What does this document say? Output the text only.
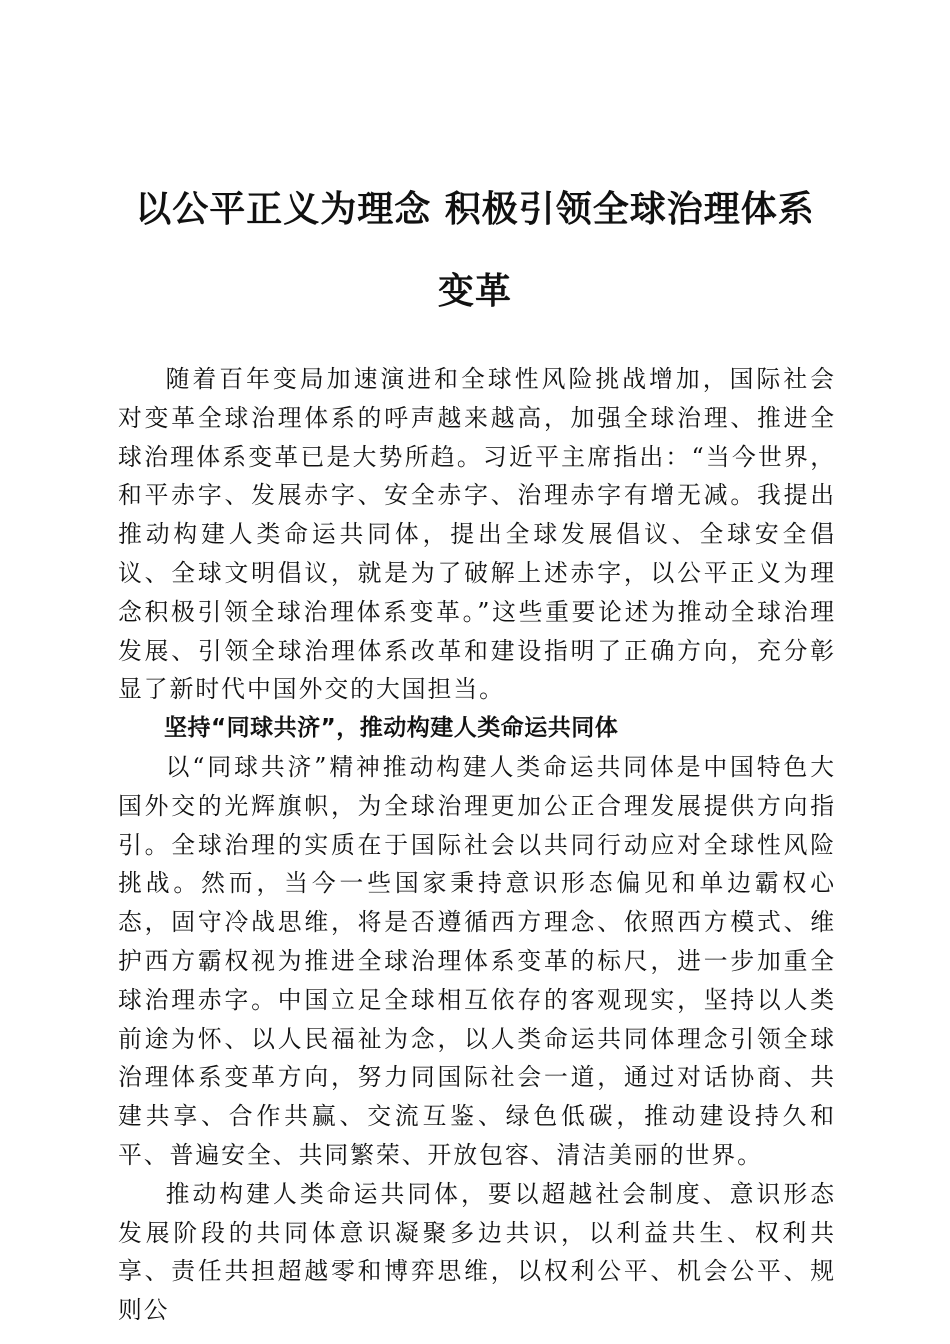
以公平正义为理念 积极引领全球治理体系变革

随着百年变局加速演进和全球性风险挑战增加，国际社会对变革全球治理体系的呼声越来越高，加强全球治理、推进全球治理体系变革已是大势所趋。习近平主席指出：“当今世界，和平赤字、发展赤字、安全赤字、治理赤字有增无减。我提出推动构建人类命运共同体，提出全球发展倡议、全球安全倡议、全球文明倡议，就是为了破解上述赤字，以公平正义为理念积极引领全球治理体系变革。”这些重要论述为推动全球治理发展、引领全球治理体系改革和建设指明了正确方向，充分彰显了新时代中国外交的大国担当。

坚持“同球共济”，推动构建人类命运共同体

以“同球共济”精神推动构建人类命运共同体是中国特色大国外交的光辉旗帜，为全球治理更加公正合理发展提供方向指引。全球治理的实质在于国际社会以共同行动应对全球性风险挑战。然而，当今一些国家秉持意识形态偏见和单边霸权心态，固守冷战思维，将是否遵循西方理念、依照西方模式、维护西方霸权视为推进全球治理体系变革的标尺，进一步加重全球治理赤字。中国立足全球相互依存的客观现实，坚持以人类前途为怀、以人民福祉为念，以人类命运共同体理念引领全球治理体系变革方向，努力同国际社会一道，通过对话协商、共建共享、合作共赢、交流互鉴、绿色低碳，推动建设持久和平、普遍安全、共同繁荣、开放包容、清洁美丽的世界。

推动构建人类命运共同体，要以超越社会制度、意识形态发展阶段的共同体意识凝聚多边共识，以利益共生、权利共享、责任共担超越零和博弈思维，以权利公平、机会公平、规则公
